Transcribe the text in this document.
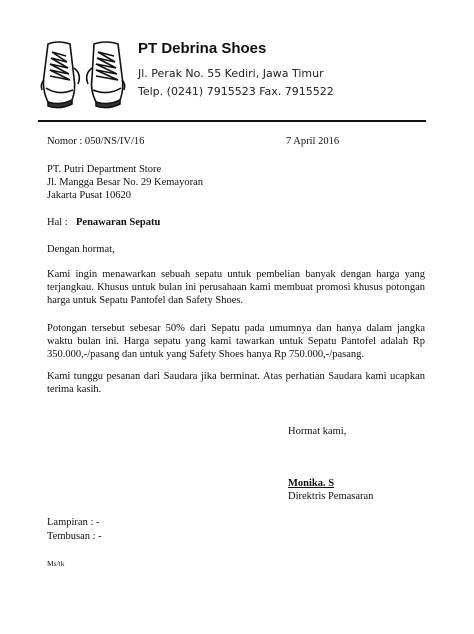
PT Debrina Shoes
Jl. Perak No. 55 Kediri, Jawa Timur
Telp. (0241) 7915523 Fax. 7915522
Nomor : 050/NS/IV/16	7 April 2016
PT. Putri Department Store
Jl. Mangga Besar No. 29 Kemayoran
Jakarta Pusat 10620
Hal : Penawaran Sepatu
Dengan hormat,
Kami ingin menawarkan sebuah sepatu untuk pembelian banyak dengan harga yang terjangkau. Khusus untuk bulan ini perusahaan kami membuat promosi khusus potongan harga untuk Sepatu Pantofel dan Safety Shoes.
Potongan tersebut sebesar 50% dari Sepatu pada umumnya dan hanya dalam jangka waktu bulan ini. Harga sepatu yang kami tawarkan untuk Sepatu Pantofel adalah Rp 350.000,-/pasang dan untuk yang Safety Shoes hanya Rp 750.000,-/pasang.
Kami tunggu pesanan dari Saudara jika berminat. Atas perhatian Saudara kami ucapkan terima kasih.
Hormat kami,
Monika. S
Direktris Pemasaran
Lampiran : -
Tembusan : -
Ms/tk
